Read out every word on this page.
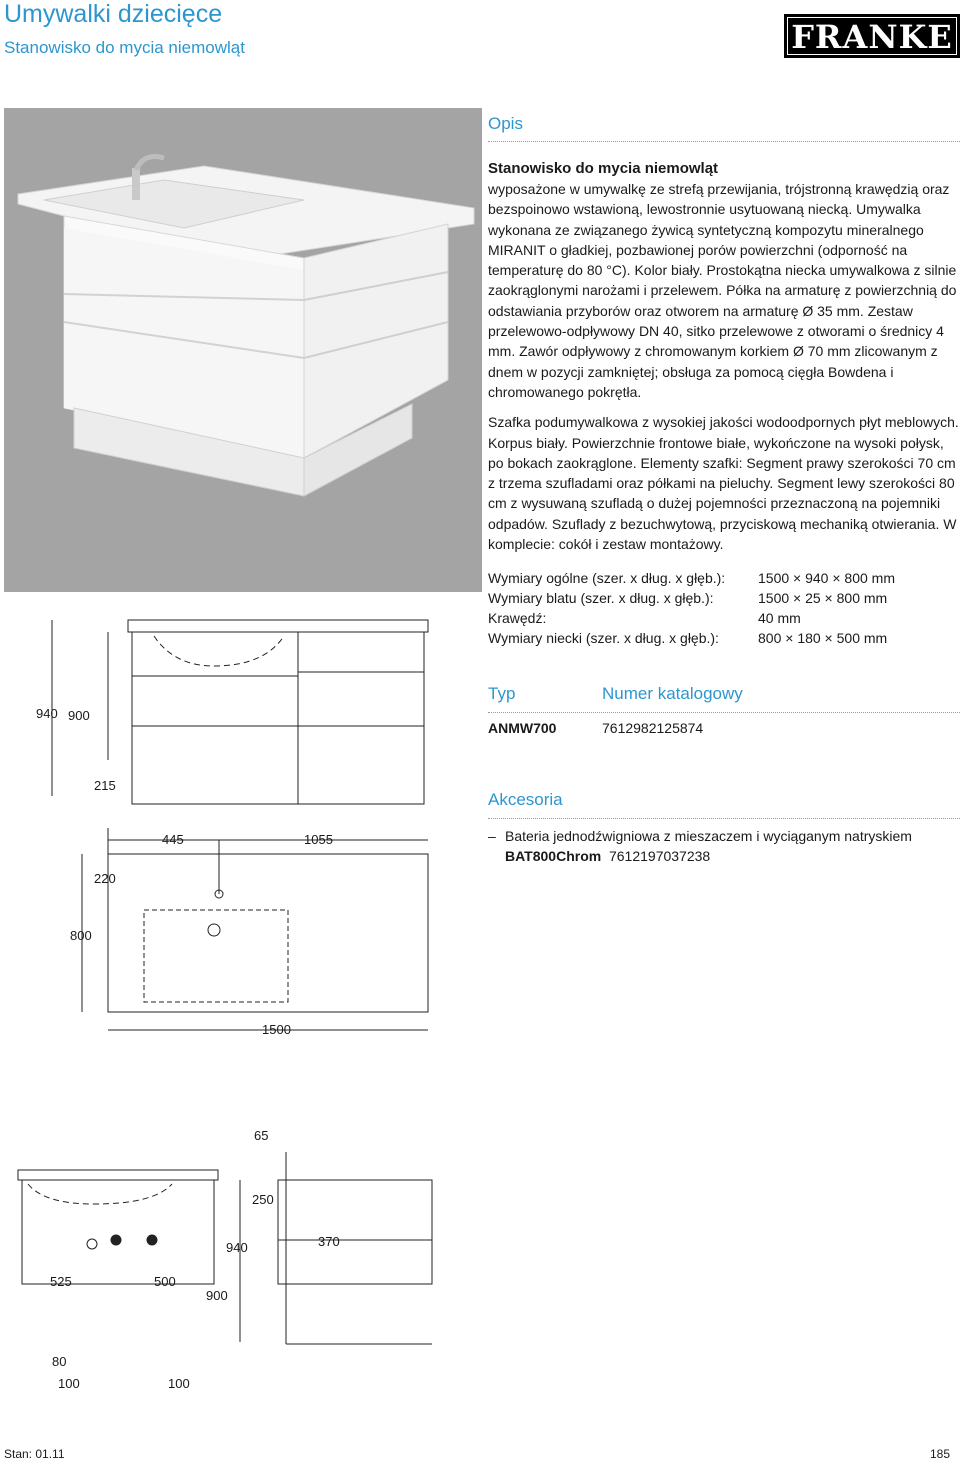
Umywalki dziecięce
Stanowisko do mycia niemowląt	FRANKE
940 900
215
445	1055
220
800
1500
65
250
940	370
525	500
900
80
100	100
Opis
Stanowisko do mycia niemowląt
wyposażone w umywalkę ze strefą przewijania, trójstronną krawędzią oraz bezspoinowo wstawioną, lewostronnie usytuowaną niecką. Umywalka wykonana ze związanego żywicą syntetyczną kompozytu mineralnego MIRANIT o gładkiej, pozbawionej porów powierzchni (odporność na temperaturę do 80 °C). Kolor biały. Prostokątna niecka umywalkowa z silnie zaokrąglonymi narożami i przelewem. Półka na armaturę z powierzchnią do odstawiania przyborów oraz otworem na armaturę Ø 35 mm. Zestaw przelewowo-odpływowy DN 40, sitko przelewowe z otworami o średnicy 4 mm. Zawór odpływowy z chromowanym korkiem Ø 70 mm zlicowanym z dnem w pozycji zamkniętej; obsługa za pomocą cięgła Bowdena i chromowanego pokrętła.
Szafka podumywalkowa z wysokiej jakości wodoodpornych płyt meblowych. Korpus biały. Powierzchnie frontowe białe, wykończone na wysoki połysk, po bokach zaokrąglone. Elementy szafki: Segment prawy szerokości 70 cm z trzema szufladami oraz półkami na pieluchy. Segment lewy szerokości 80 cm z wysuwaną szufladą o dużej pojemności przeznaczoną na pojemniki odpadów. Szuflady z bezuchwytową, przyciskową mechaniką otwierania. W komplecie: cokół i zestaw montażowy.
Wymiary ogólne (szer. x dług. x głęb.):	1500 × 940 × 800 mm
Wymiary blatu (szer. x dług. x głęb.):	1500 × 25 × 800 mm
Krawędź:	40 mm
Wymiary niecki (szer. x dług. x głęb.):	800 × 180 × 500 mm
Typ	Numer katalogowy
ANMW700	7612982125874
Akcesoria
– Bateria jednodźwigniowa z mieszaczem i wyciąganym natryskiem
BAT800Chrom 7612197037238
Stan: 01.11	185
